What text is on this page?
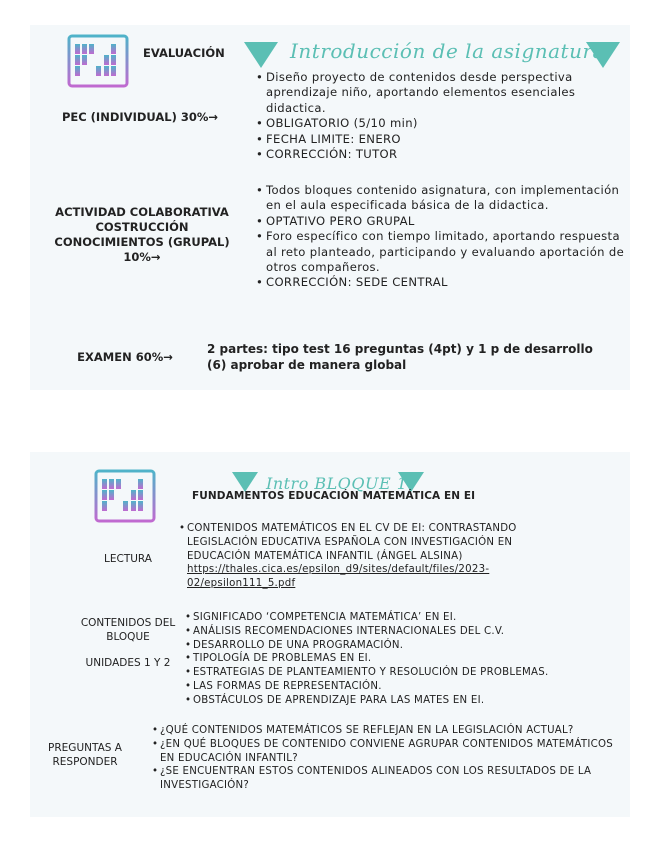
EVALUACIÓN	Introducción de la asignatura
PEC (INDIVIDUAL) 30%→
• Diseño proyecto de contenidos desde perspectiva aprendizaje niño, aportando elementos esenciales didactica.
• OBLIGATORIO (5/10 min)
• FECHA LIMITE: ENERO
• CORRECCIÓN: TUTOR
ACTIVIDAD COLABORATIVA COSTRUCCIÓN CONOCIMIENTOS (GRUPAL) 10%→
• Todos bloques contenido asignatura, con implementación en el aula especificada básica de la didactica.
• OPTATIVO PERO GRUPAL
• Foro específico con tiempo limitado, aportando respuesta al reto planteado, participando y evaluando aportación de otros compañeros.
• CORRECCIÓN: SEDE CENTRAL
EXAMEN 60%→
2 partes: tipo test 16 preguntas (4pt) y 1 p de desarrollo (6) aprobar de manera global
Intro BLOQUE 1
FUNDAMENTOS EDUCACIÓN MATEMÁTICA EN EI
LECTURA
• CONTENIDOS MATEMÁTICOS EN EL CV DE EI: CONTRASTANDO LEGISLACIÓN EDUCATIVA ESPAÑOLA CON INVESTIGACIÓN EN EDUCACIÓN MATEMÁTICA INFANTIL (ÁNGEL ALSINA)
https://thales.cica.es/epsilon_d9/sites/default/files/2023-02/epsilon111_5.pdf
CONTENIDOS DEL BLOQUE
UNIDADES 1 Y 2
• SIGNIFICADO ‘COMPETENCIA MATEMÁTICA’ EN EI.
• ANÁLISIS RECOMENDACIONES INTERNACIONALES DEL C.V.
• DESARROLLO DE UNA PROGRAMACIÓN.
• TIPOLOGÍA DE PROBLEMAS EN EI.
• ESTRATEGIAS DE PLANTEAMIENTO Y RESOLUCIÓN DE PROBLEMAS.
• LAS FORMAS DE REPRESENTACIÓN.
• OBSTÁCULOS DE APRENDIZAJE PARA LAS MATES EN EI.
PREGUNTAS A RESPONDER
• ¿QUÉ CONTENIDOS MATEMÁTICOS SE REFLEJAN EN LA LEGISLACIÓN ACTUAL?
• ¿EN QUÉ BLOQUES DE CONTENIDO CONVIENE AGRUPAR CONTENIDOS MATEMÁTICOS EN EDUCACIÓN INFANTIL?
• ¿SE ENCUENTRAN ESTOS CONTENIDOS ALINEADOS CON LOS RESULTADOS DE LA INVESTIGACIÓN?
